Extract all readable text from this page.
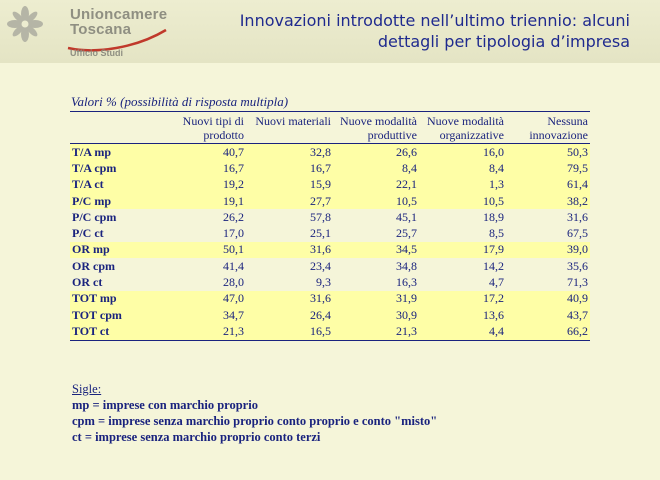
Unioncamere
Toscana
Ufficio Studi
Innovazioni introdotte nell’ultimo triennio: alcuni dettagli per tipologia d’impresa
Valori % (possibilità di risposta multipla)
	Nuovi tipi di prodotto	Nuovi materiali	Nuove modalità produttive	Nuove modalità organizzative	Nessuna innovazione
T/A mp	40,7	32,8	26,6	16,0	50,3
T/A cpm	16,7	16,7	8,4	8,4	79,5
T/A ct	19,2	15,9	22,1	1,3	61,4
P/C mp	19,1	27,7	10,5	10,5	38,2
P/C cpm	26,2	57,8	45,1	18,9	31,6
P/C ct	17,0	25,1	25,7	8,5	67,5
OR mp	50,1	31,6	34,5	17,9	39,0
OR cpm	41,4	23,4	34,8	14,2	35,6
OR ct	28,0	9,3	16,3	4,7	71,3
TOT mp	47,0	31,6	31,9	17,2	40,9
TOT cpm	34,7	26,4	30,9	13,6	43,7
TOT ct	21,3	16,5	21,3	4,4	66,2
Sigle:
mp = imprese con marchio proprio
cpm = imprese senza marchio proprio conto proprio e conto "misto"
ct = imprese senza marchio proprio conto terzi
